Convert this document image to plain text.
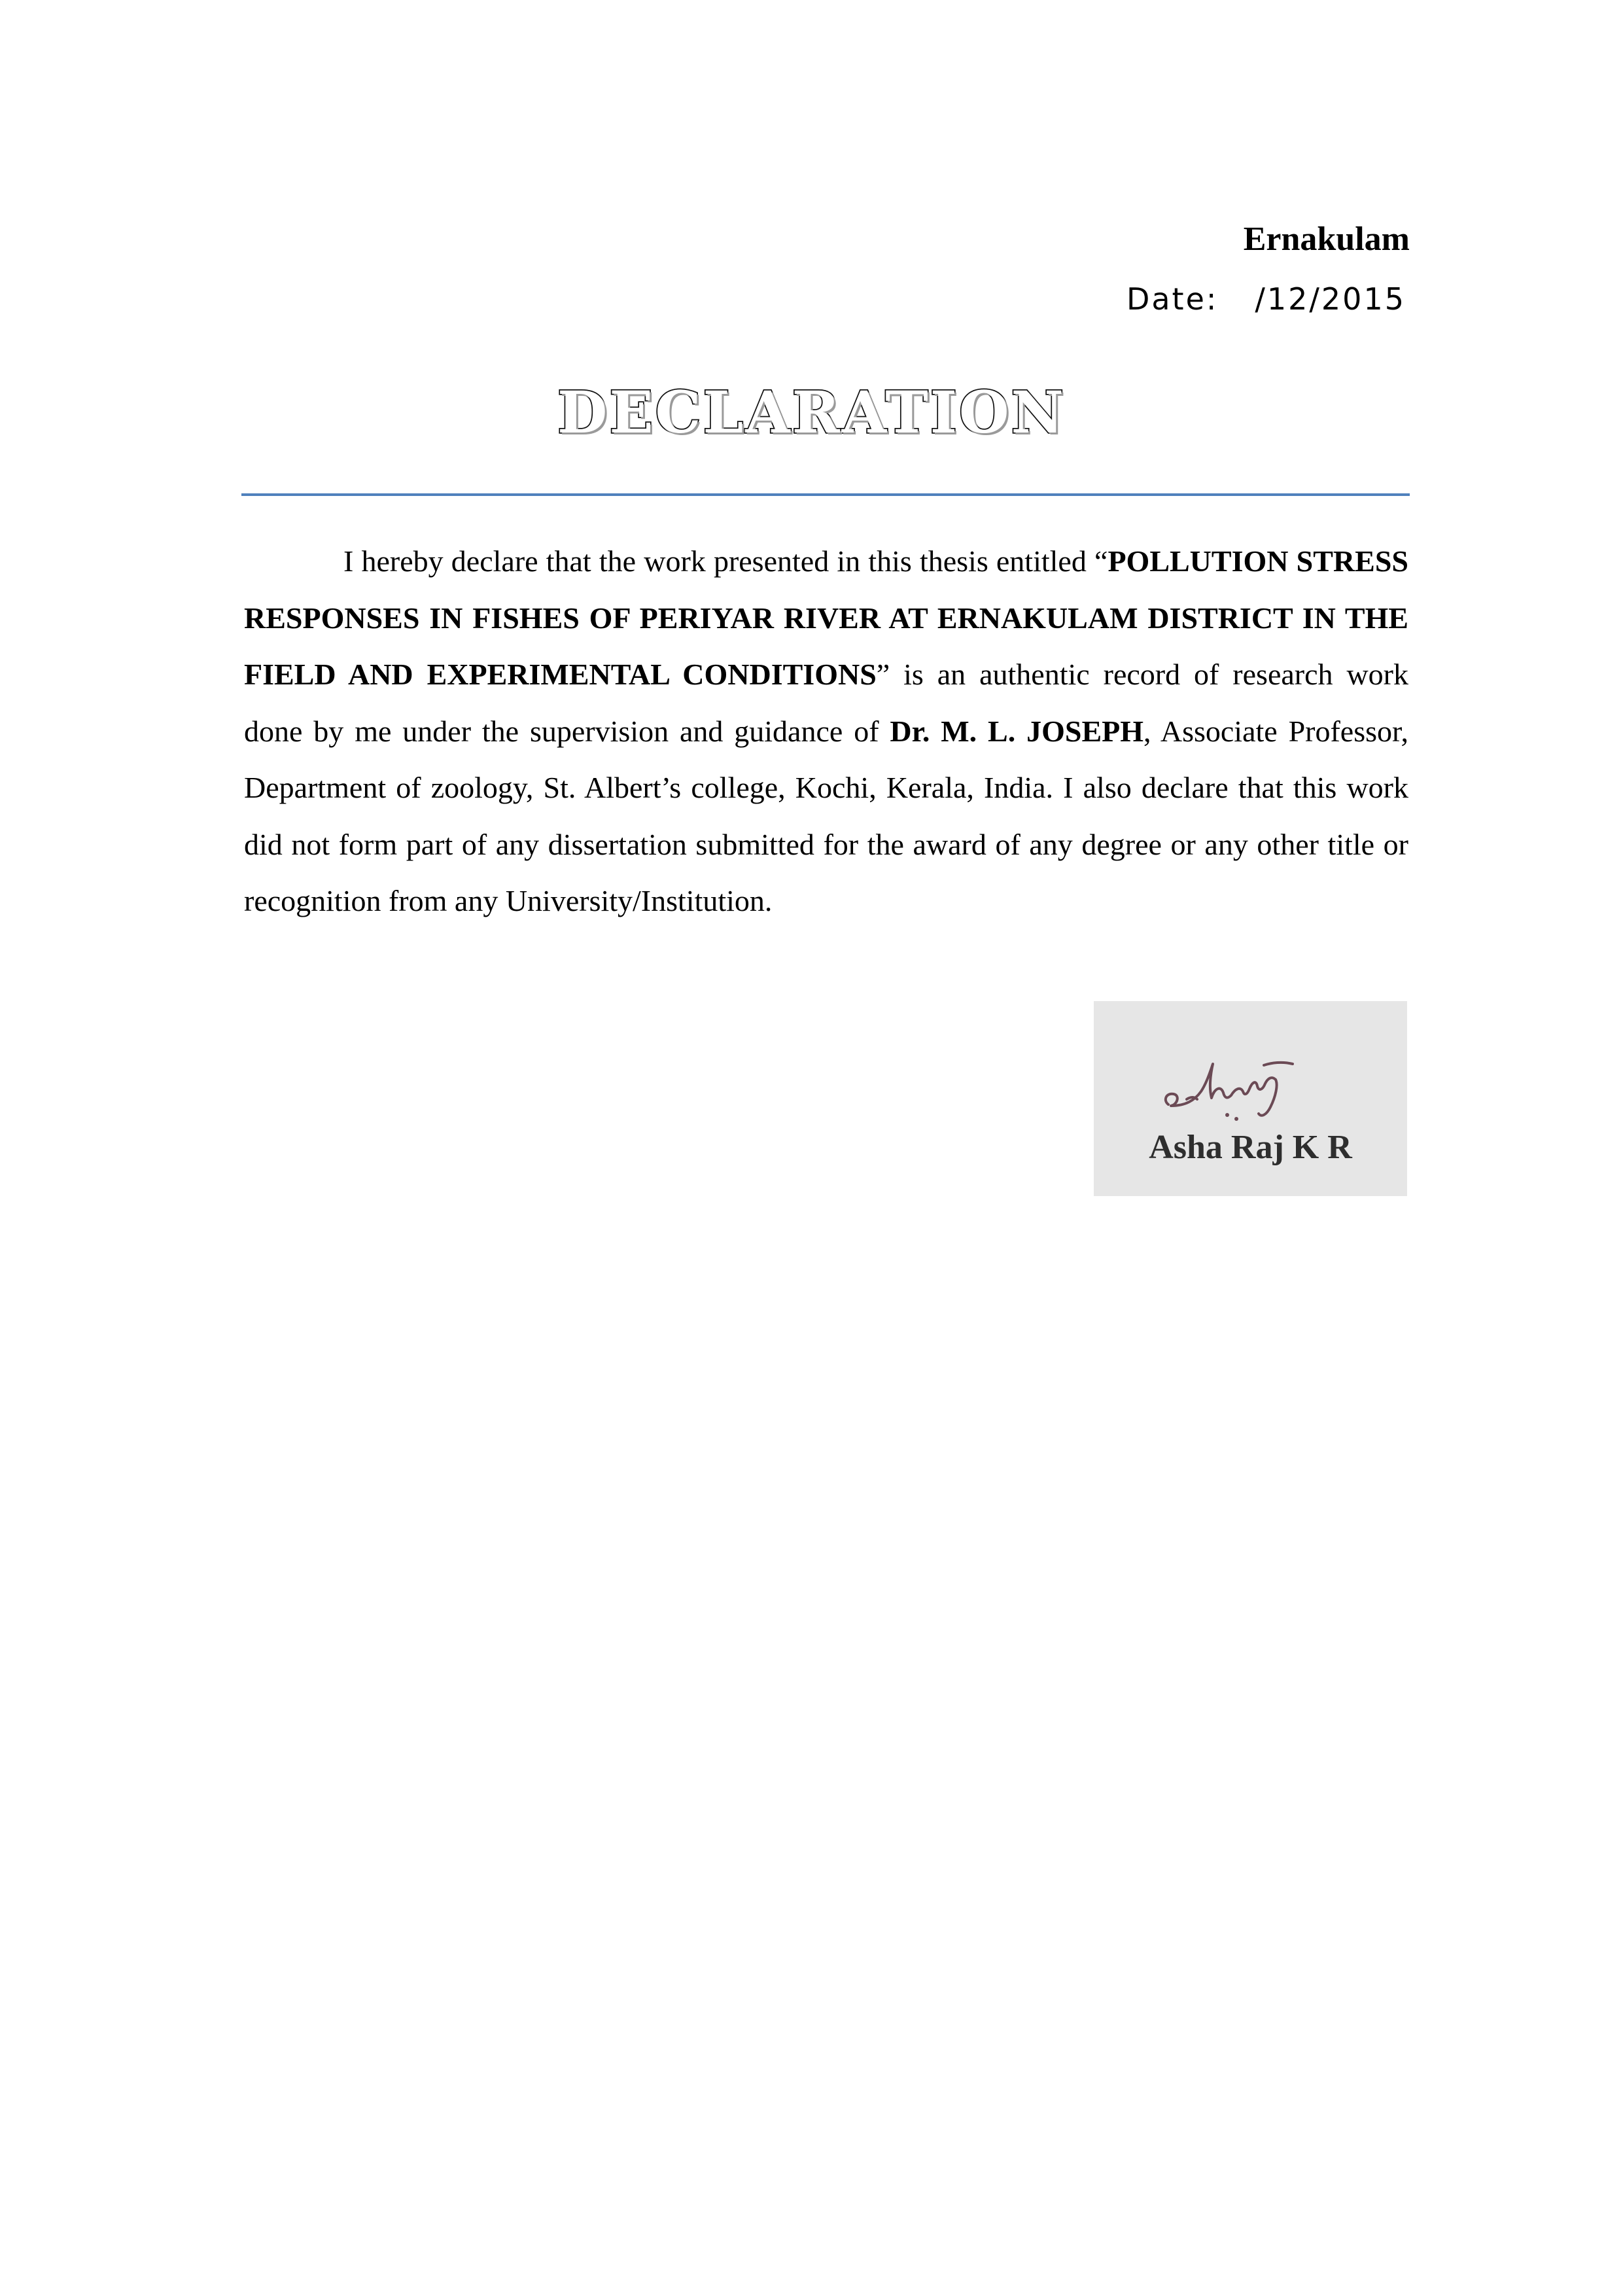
Ernakulam
Date: /12/2015
DECLARATION

I hereby declare that the work presented in this thesis entitled “POLLUTION STRESS RESPONSES IN FISHES OF PERIYAR RIVER AT ERNAKULAM DISTRICT IN THE FIELD AND EXPERIMENTAL CONDITIONS” is an authentic record of research work done by me under the supervision and guidance of Dr. M. L. JOSEPH, Associate Professor, Department of zoology, St. Albert’s college, Kochi, Kerala, India. I also declare that this work did not form part of any dissertation submitted for the award of any degree or any other title or recognition from any University/Institution.

Asha Raj K R
